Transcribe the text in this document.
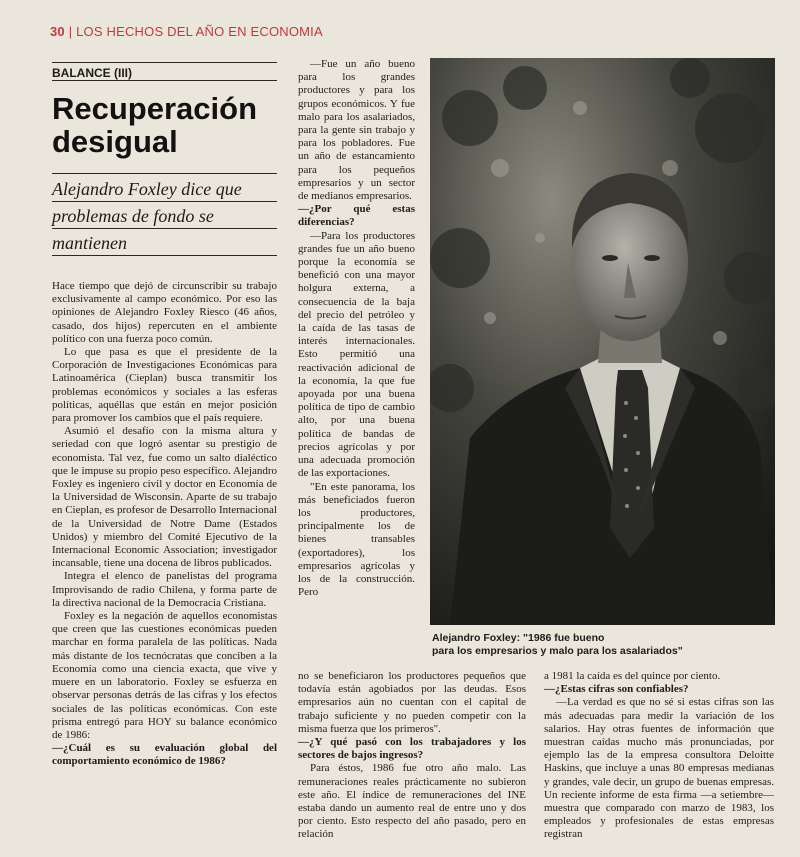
30 | LOS HECHOS DEL AÑO EN ECONOMIA
BALANCE (III)
Recuperación desigual
Alejandro Foxley dice que problemas de fondo se mantienen

Hace tiempo que dejó de circunscribir su trabajo exclusivamente al campo económico. Por eso las opiniones de Alejandro Foxley Riesco (46 años, casado, dos hijos) repercuten en el ambiente político con una fuerza poco común.

Lo que pasa es que el presidente de la Corporación de Investigaciones Económicas para Latinoamérica (Cieplan) busca transmitir los problemas económicos y sociales a las esferas políticas, aquéllas que están en mejor posición para promover los cambios que el país requiere.

Asumió el desafío con la misma altura y seriedad con que logró asentar su prestigio de economista. Tal vez, fue como un salto dialéctico que le impuse su propio peso específico. Alejandro Foxley es ingeniero civil y doctor en Economía de la Universidad de Wisconsin. Aparte de su trabajo en Cieplan, es profesor de Desarrollo Internacional de la Universidad de Notre Dame (Estados Unidos) y miembro del Comité Ejecutivo de la Internacional Economic Association; investigador incansable, tiene una docena de libros publicados.

Integra el elenco de panelistas del programa Improvisando de radio Chilena, y forma parte de la directiva nacional de la Democracia Cristiana.

Foxley es la negación de aquellos economistas que creen que las cuestiones económicas pueden marchar en forma paralela de las políticas. Nada más distante de los tecnócratas que conciben a la Economía como una ciencia exacta, que vive y muere en un laboratorio. Foxley se esfuerza en observar personas detrás de las cifras y los efectos sociales de las políticas económicas. Con este prisma entregó para HOY su balance económico de 1986:

—¿Cuál es su evaluación global del comportamiento económico de 1986?

—Fue un año bueno para los grandes productores y para los grupos económicos. Y fue malo para los asalariados, para la gente sin trabajo y para los pobladores. Fue un año de estancamiento para los pequeños empresarios y un sector de medianos empresarios.

—¿Por qué estas diferencias?

—Para los productores grandes fue un año bueno porque la economía se benefició con una mayor holgura externa, a consecuencia de la baja del precio del petróleo y la caída de las tasas de interés internacionales. Esto permitió una reactivación adicional de la economía, la que fue apoyada por una buena política de tipo de cambio alto, por una buena política de bandas de precios agrícolas y por una adecuada promoción de las exportaciones.

"En este panorama, los más beneficiados fueron los productores, principalmente los de bienes transables (exportadores), los empresarios agrícolas y los de la construcción. Pero

Alejandro Foxley: "1986 fue bueno
para los empresarios y malo para los asalariados"

no se beneficiaron los productores pequeños que todavía están agobiados por las deudas. Esos empresarios aún no cuentan con el capital de trabajo suficiente y no pueden competir con la misma fuerza que los primeros".

—¿Y qué pasó con los trabajadores y los sectores de bajos ingresos?

Para éstos, 1986 fue otro año malo. Las remuneraciones reales prácticamente no subieron este año. El índice de remuneraciones del INE estaba dando un aumento real de entre uno y dos por ciento. Esto respecto del año pasado, pero en relación

a 1981 la caída es del quince por ciento.

—¿Estas cifras son confiables?

—La verdad es que no sé si estas cifras son las más adecuadas para medir la variación de los salarios. Hay otras fuentes de información que muestran caídas mucho más pronunciadas, por ejemplo las de la empresa consultora Deloitte Haskins, que incluye a unas 80 empresas medianas y grandes, vale decir, un grupo de buenas empresas. Un reciente informe de esta firma —a setiembre— muestra que comparado con marzo de 1983, los empleados y profesionales de estas empresas registran
